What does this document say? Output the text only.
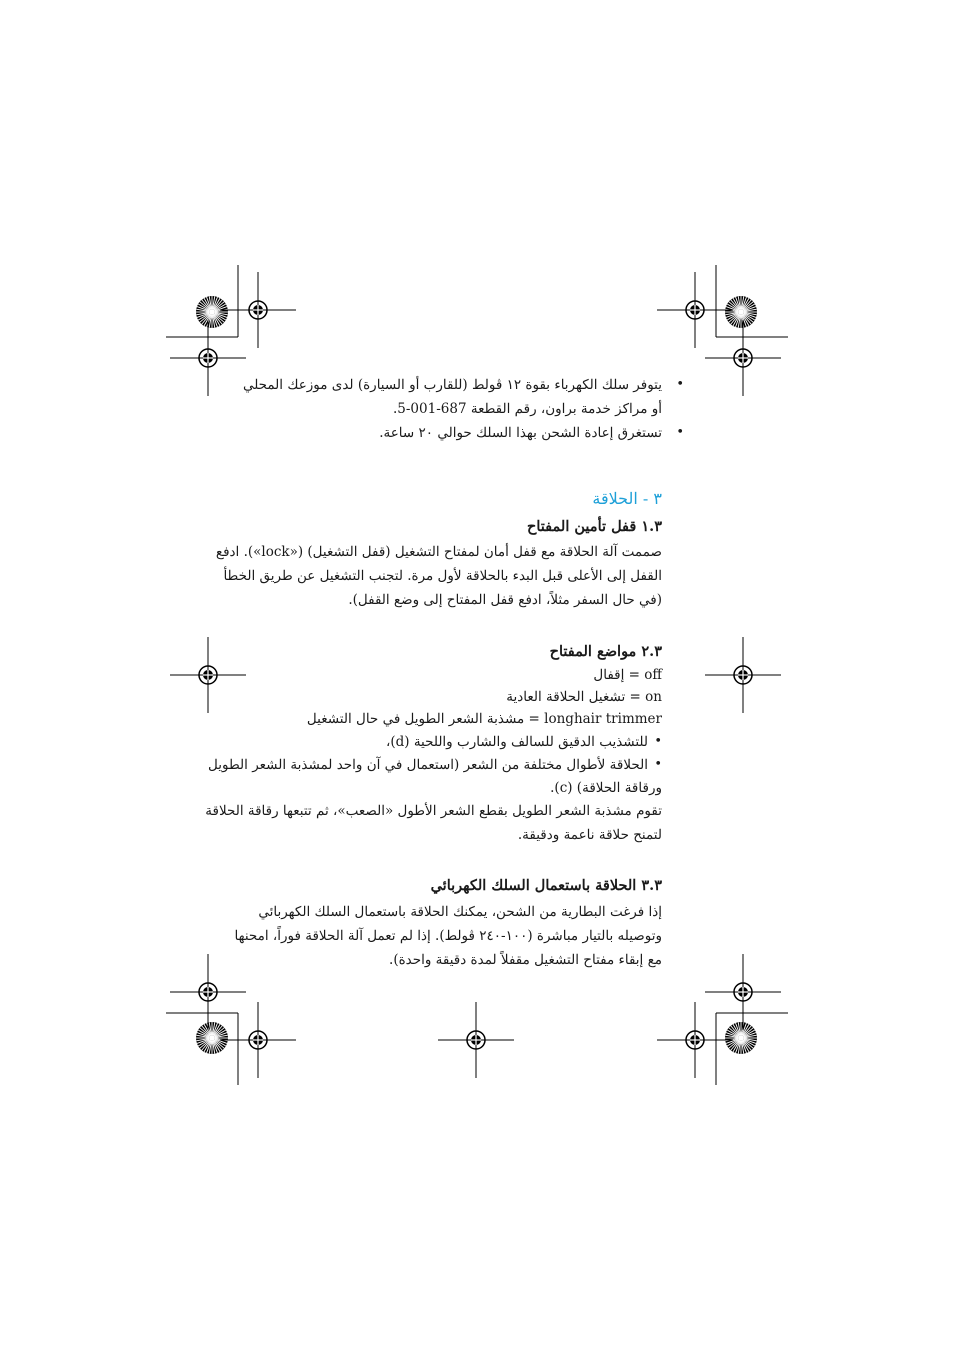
•
يتوفر سلك الكهرباء بقوة ١٢ ڤولط (للقارب أو السيارة) لدى موزعك المحلي
أو مراكز خدمة براون، رقم القطعة 687-001-5.
•
تستغرق إعادة الشحن بهذا السلك حوالي ٢٠ ساعة.
٣ - الحلاقة
١.٣ قفل تأمين المفتاح
صممت آلة الحلاقة مع قفل أمان لمفتاح التشغيل (قفل التشغيل) («lock»). ادفع
القفل إلى الأعلى قبل البدء بالحلاقة لأول مرة. لتجنب التشغيل عن طريق الخطأ
(في حال السفر مثلاً، ادفع قفل المفتاح إلى وضع القفل).
٢.٣ مواضع المفتاح
off = إقفال
on = تشغيل الحلاقة العادية
longhair trimmer = مشذبة الشعر الطويل في حال التشغيل
•
للتشذيب الدقيق للسالف والشارب واللحية (d)،
•
الحلاقة لأطوال مختلفة من الشعر (استعمال في آن واحد لمشذبة الشعر الطويل
ورقاقة الحلاقة) (c).
تقوم مشذبة الشعر الطويل بقطع الشعر الأطول «الصعب»، ثم تتبعها رقاقة الحلاقة
لتمنح حلاقة ناعمة ودقيقة.
٣.٣ الحلاقة باستعمال السلك الكهربائي
إذا فرغت البطارية من الشحن، يمكنك الحلاقة باستعمال السلك الكهربائي
وتوصيله بالتيار مباشرة (١٠٠-٢٤٠ ڤولط). إذا لم تعمل آلة الحلاقة فوراً، امحنها
مع إبقاء مفتاح التشغيل مقفلاً لمدة دقيقة واحدة).
